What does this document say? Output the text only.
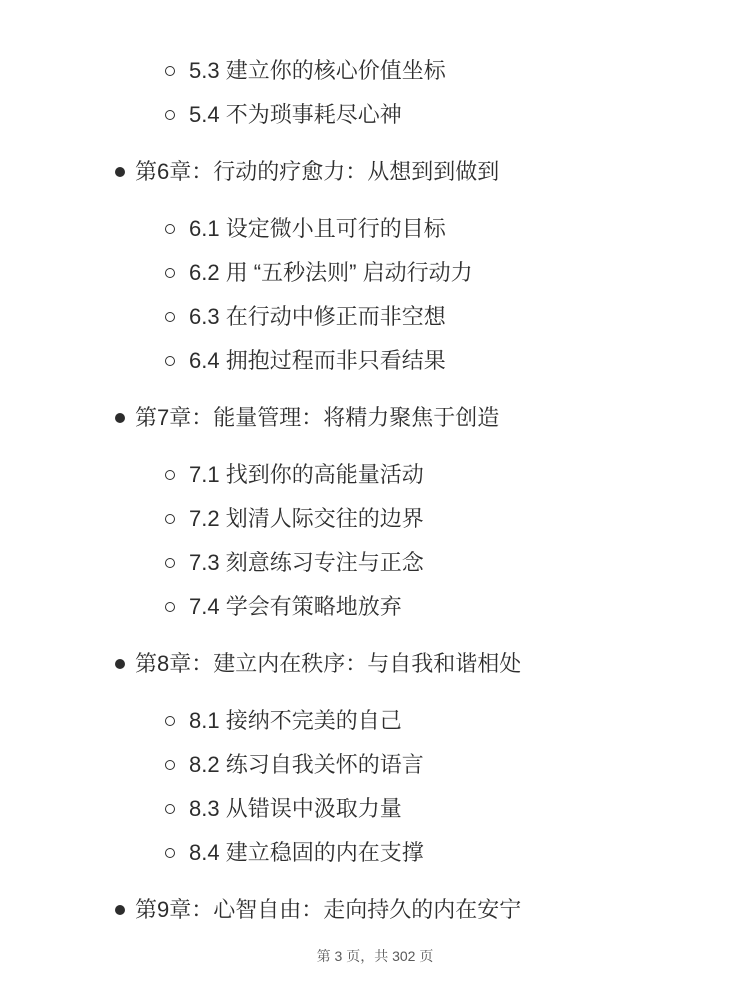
5.3 建立你的核心价值坐标
5.4 不为琐事耗尽心神
第6章：行动的疗愈力：从想到到做到
6.1 设定微小且可行的目标
6.2 用 “五秒法则” 启动行动力
6.3 在行动中修正而非空想
6.4 拥抱过程而非只看结果
第7章：能量管理：将精力聚焦于创造
7.1 找到你的高能量活动
7.2 划清人际交往的边界
7.3 刻意练习专注与正念
7.4 学会有策略地放弃
第8章：建立内在秩序：与自我和谐相处
8.1 接纳不完美的自己
8.2 练习自我关怀的语言
8.3 从错误中汲取力量
8.4 建立稳固的内在支撑
第9章：心智自由：走向持久的内在安宁
第 3 页，共 302 页
